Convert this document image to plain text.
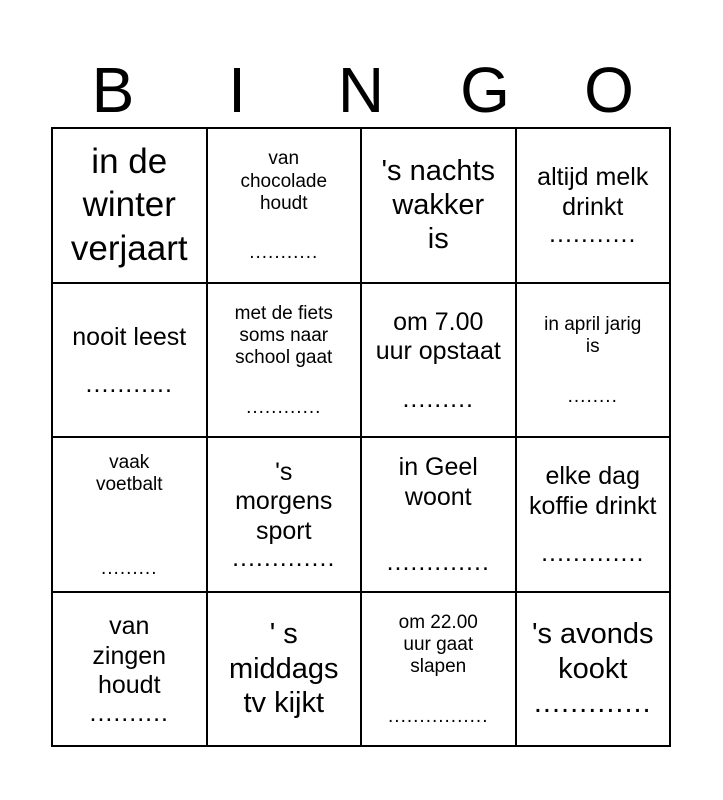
B	I	N	G	O
in de
winter
verjaart
van
chocolade
houdt
...........
's nachts
wakker
is
altijd melk
drinkt
...........
nooit leest
...........
met de fiets
soms naar
school gaat
............
om 7.00
uur opstaat
.........
in april jarig
is
........
vaak
voetbalt
.........
's
morgens
sport
.............
in Geel
woont
.............
elke dag
koffie drinkt
.............
van
zingen
houdt
..........
' s
middags
tv kijkt
om 22.00
uur gaat
slapen
................
's avonds
kookt
.............
